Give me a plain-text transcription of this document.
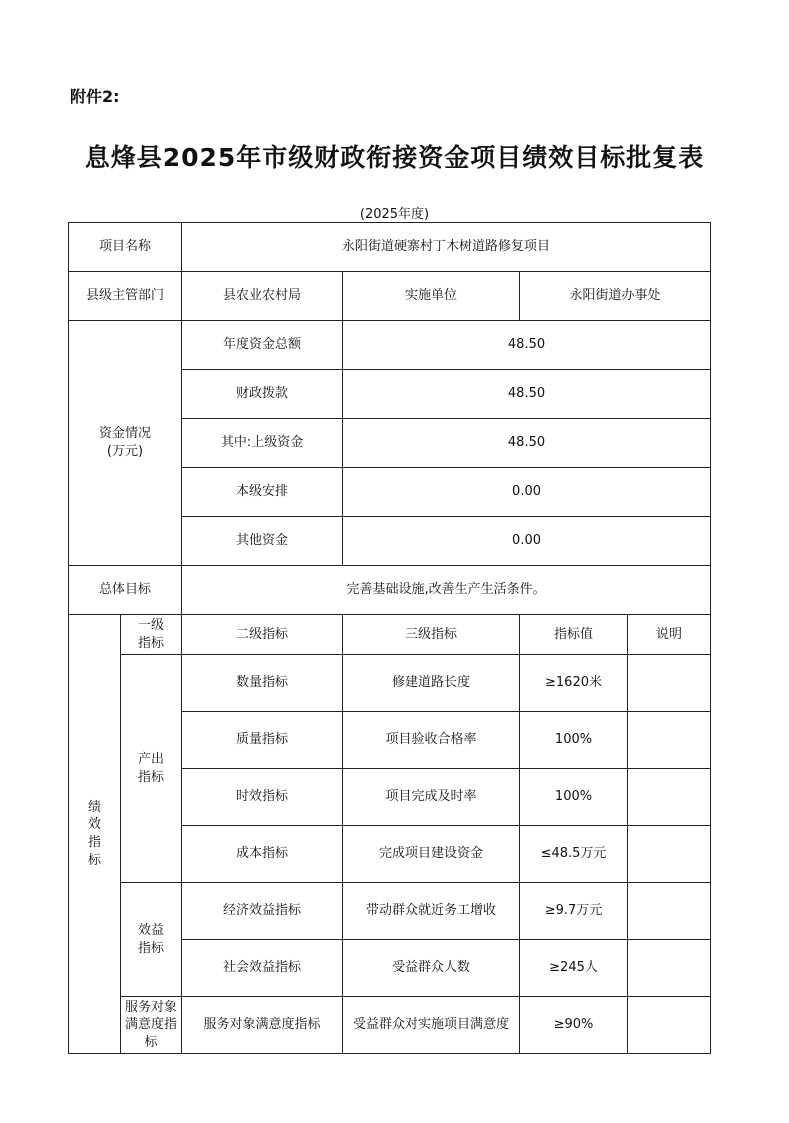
附件2:
息烽县2025年市级财政衔接资金项目绩效目标批复表
(2025年度)
项目名称		永阳街道硬寨村丁木树道路修复项目			
县级主管部门		县农业农村局	实施单位	永阳街道办事处	

资金情况
(万元)		年度资金总额	48.50		
		财政拨款	48.50		
		其中:上级资金	48.50		
		本级安排	0.00		
		其他资金	0.00		
总体目标		完善基础设施,改善生产生活条件。			

绩效指标	一级指标	二级指标	三级指标	指标值	说明

	产出指标	数量指标	修建道路长度	≥1620米	
		质量指标	项目验收合格率	100%	
		时效指标	项目完成及时率	100%	
		成本指标	完成项目建设资金	≤48.5万元	

	效益指标	经济效益指标	带动群众就近务工增收	≥9.7万元	
		社会效益指标	受益群众人数	≥245人	

	服务对象满意度指标	服务对象满意度指标	受益群众对实施项目满意度	≥90%	
